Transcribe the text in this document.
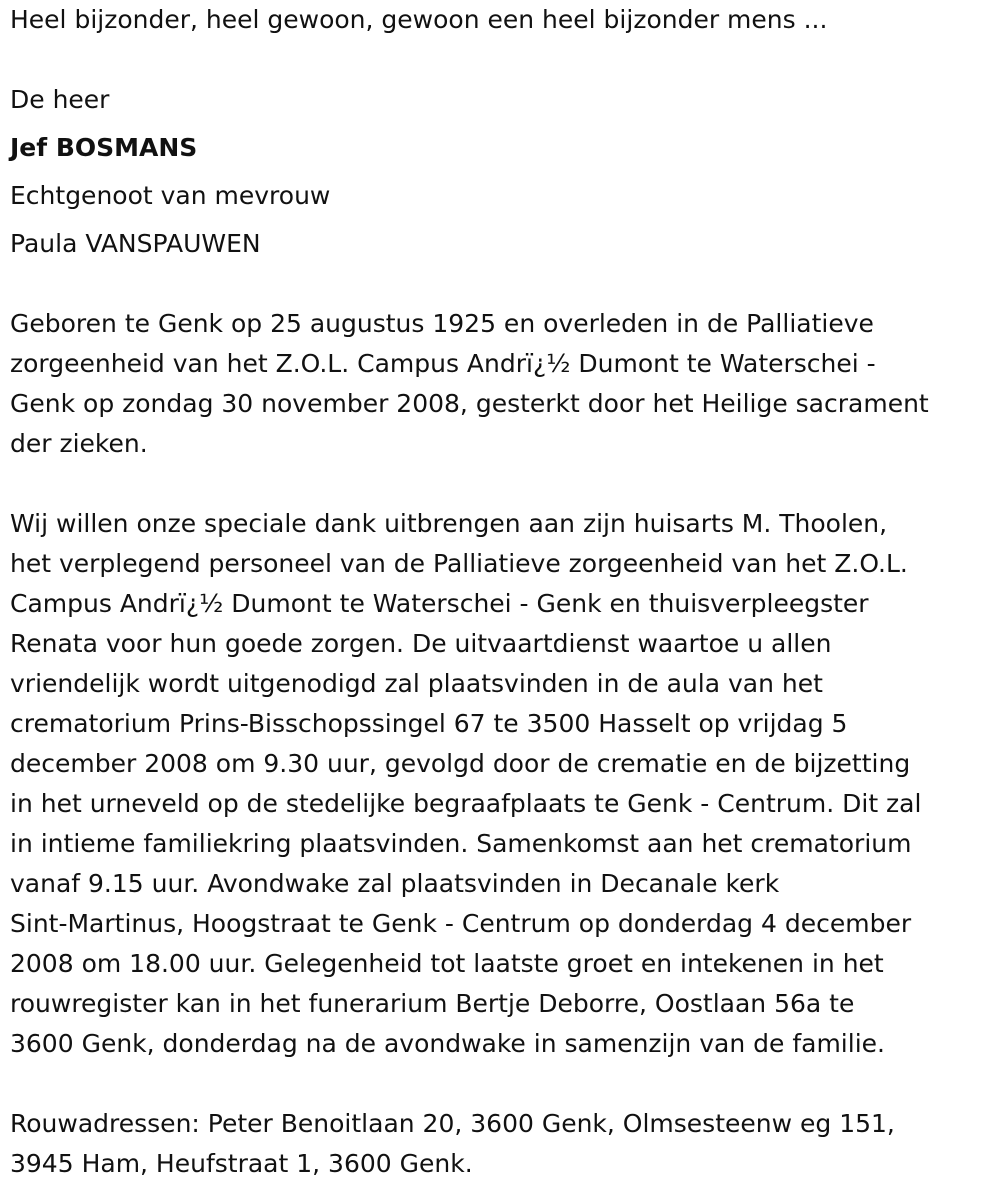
Heel bijzonder, heel gewoon, gewoon een heel bijzonder mens ...

De heer

Jef BOSMANS

Echtgenoot van mevrouw

Paula VANSPAUWEN

Geboren te Genk op 25 augustus 1925 en overleden in de Palliatieve
zorgeenheid van het Z.O.L. Campus Andrï¿½ Dumont te Waterschei -
Genk op zondag 30 november 2008, gesterkt door het Heilige sacrament
der zieken.
Wij willen onze speciale dank uitbrengen aan zijn huisarts M. Thoolen,
het verplegend personeel van de Palliatieve zorgeenheid van het Z.O.L.
Campus Andrï¿½ Dumont te Waterschei - Genk en thuisverpleegster
Renata voor hun goede zorgen. De uitvaartdienst waartoe u allen
vriendelijk wordt uitgenodigd zal plaatsvinden in de aula van het
crematorium Prins-Bisschopssingel 67 te 3500 Hasselt op vrijdag 5
december 2008 om 9.30 uur, gevolgd door de crematie en de bijzetting
in het urneveld op de stedelijke begraafplaats te Genk - Centrum. Dit zal
in intieme familiekring plaatsvinden. Samenkomst aan het crematorium
vanaf 9.15 uur. Avondwake zal plaatsvinden in Decanale kerk
Sint-Martinus, Hoogstraat te Genk - Centrum op donderdag 4 december
2008 om 18.00 uur. Gelegenheid tot laatste groet en intekenen in het
rouwregister kan in het funerarium Bertje Deborre, Oostlaan 56a te
3600 Genk, donderdag na de avondwake in samenzijn van de familie.
Rouwadressen: Peter Benoitlaan 20, 3600 Genk, Olmsesteenw eg 151,
3945 Ham, Heufstraat 1, 3600 Genk.
